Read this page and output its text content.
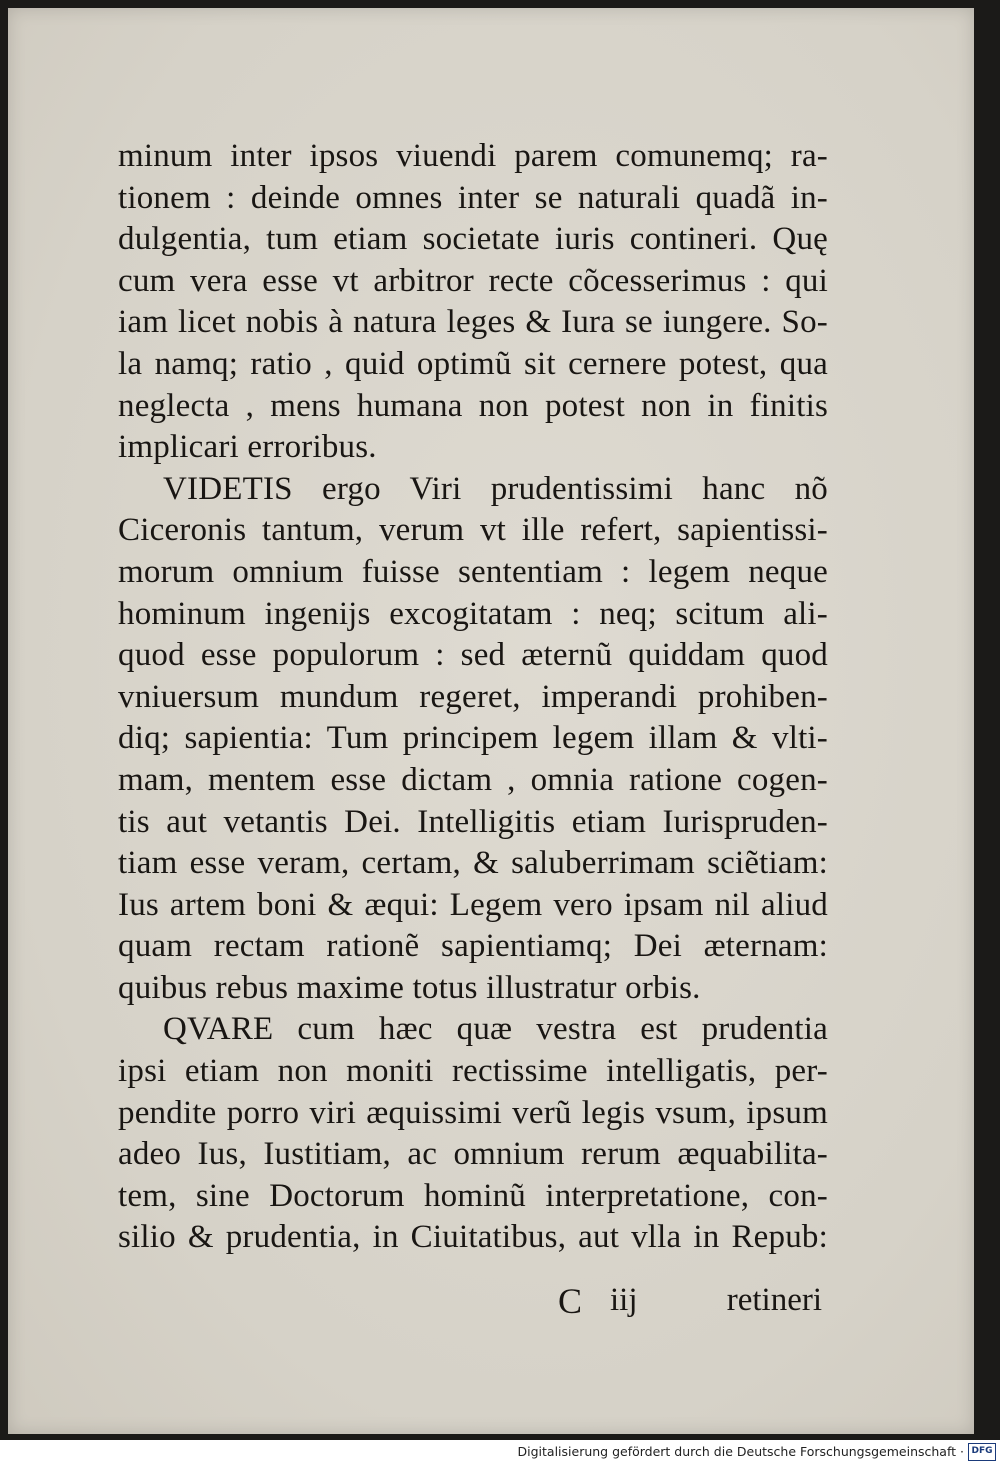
minum inter ipsos viuendi parem comunemq; ra-
tionem : deinde omnes inter se naturali quadã in-
dulgentia, tum etiam societate iuris contineri. Quę
cum vera esse vt arbitror recte cõcesserimus : qui
iam licet nobis à natura leges & Iura se iungere. So-
la namq; ratio , quid optimũ sit cernere potest, qua
neglecta , mens humana non potest non in finitis
implicari erroribus.
VIDETIS ergo Viri prudentissimi hanc nõ
Ciceronis tantum, verum vt ille refert, sapientissi-
morum omnium fuisse sententiam : legem neque
hominum ingenijs excogitatam : neq; scitum ali-
quod esse populorum : sed æternũ quiddam quod
vniuersum mundum regeret, imperandi prohiben-
diq; sapientia: Tum principem legem illam & vlti-
mam, mentem esse dictam , omnia ratione cogen-
tis aut vetantis Dei. Intelligitis etiam Iurispruden-
tiam esse veram, certam, & saluberrimam sciẽtiam:
Ius artem boni & æqui: Legem vero ipsam nil aliud
quam rectam rationẽ sapientiamq; Dei æternam:
quibus rebus maxime totus illustratur orbis.
QVARE cum hæc quæ vestra est prudentia
ipsi etiam non moniti rectissime intelligatis, per-
pendite porro viri æquissimi verũ legis vsum, ipsum
adeo Ius, Iustitiam, ac omnium rerum æquabilita-
tem, sine Doctorum hominũ interpretatione, con-
silio & prudentia, in Ciuitatibus, aut vlla in Repub:
C iij	retineri
Digitalisierung gefördert durch die Deutsche Forschungsgemeinschaft · DFG
